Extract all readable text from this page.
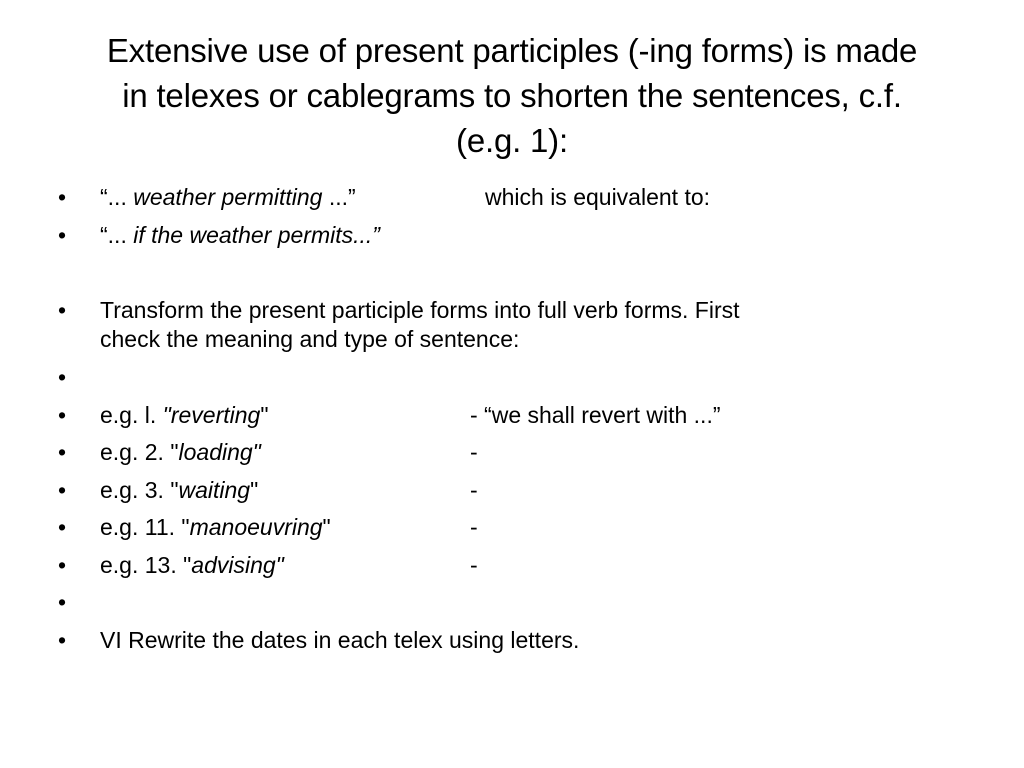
Extensive use of present participles (-ing forms) is made
in telexes or cablegrams to shorten the sentences, c.f.
(e.g. 1):
• “... weather permitting ...”	which is equivalent to:
• “... if the weather permits...”
• Transform the present participle forms into full verb forms. First
check the meaning and type of sentence:
•
• e.g. l. "reverting"	- “we shall revert with ...”
• e.g. 2. "loading"	-
• e.g. 3. "waiting"	-
• e.g. 11. "manoeuvring"	-
• e.g. 13. "advising"	-
•
• VI Rewrite the dates in each telex using letters.
